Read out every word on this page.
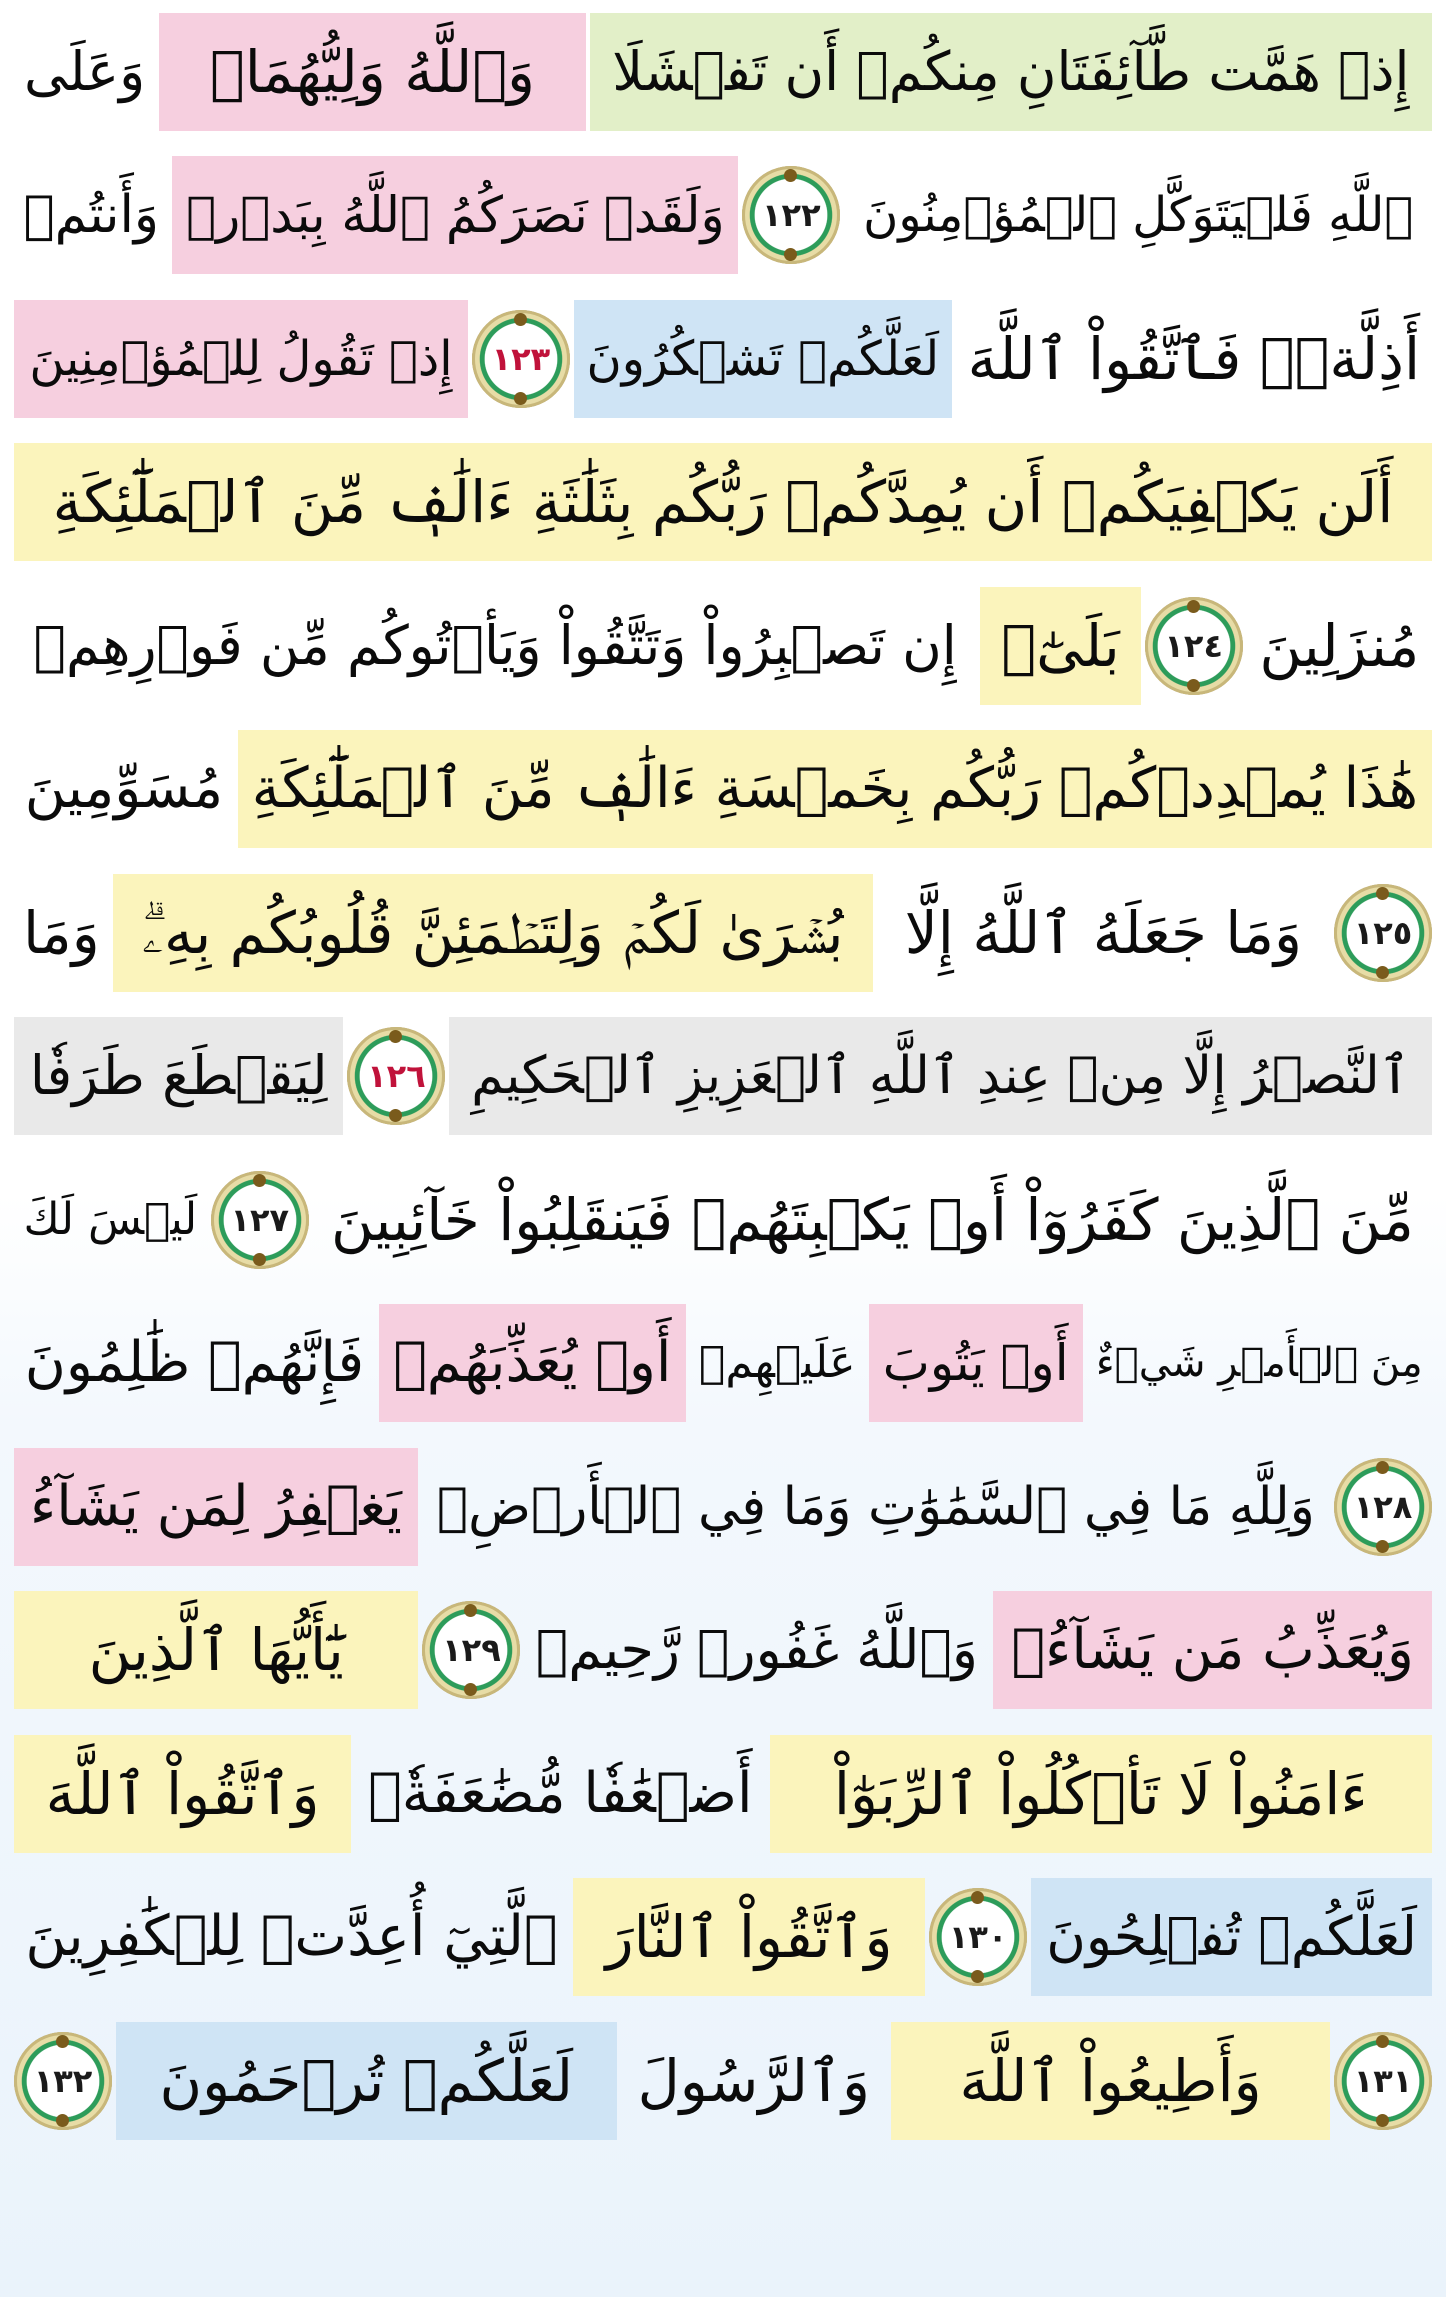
إِذۡ هَمَّت طَّآئِفَتَانِ مِنكُمۡ أَن تَفۡشَلَا
وَٱللَّهُ وَلِيُّهُمَاۗ
وَعَلَى
ٱللَّهِ فَلۡيَتَوَكَّلِ ٱلۡمُؤۡمِنُونَ
١٢٢
وَلَقَدۡ نَصَرَكُمُ ٱللَّهُ بِبَدۡرٖ
وَأَنتُمۡ
أَذِلَّةٞۖ فَٱتَّقُواْ ٱللَّهَ
لَعَلَّكُمۡ تَشۡكُرُونَ
١٢٣
إِذۡ تَقُولُ لِلۡمُؤۡمِنِينَ
أَلَن يَكۡفِيَكُمۡ أَن يُمِدَّكُمۡ رَبُّكُم بِثَلَٰثَةِ ءَالَٰفٖ مِّنَ ٱلۡمَلَٰٓئِكَةِ
مُنزَلِينَ
١٢٤
بَلَىٰٓۚ
إِن تَصۡبِرُواْ وَتَتَّقُواْ وَيَأۡتُوكُم مِّن فَوۡرِهِمۡ
هَٰذَا يُمۡدِدۡكُمۡ رَبُّكُم بِخَمۡسَةِ ءَالَٰفٖ مِّنَ ٱلۡمَلَٰٓئِكَةِ
مُسَوِّمِينَ
١٢٥
وَمَا جَعَلَهُ ٱللَّهُ إِلَّا
بُشۡرَىٰ لَكُمۡ وَلِتَطۡمَئِنَّ قُلُوبُكُم بِهِۦۗ
وَمَا
ٱلنَّصۡرُ إِلَّا مِنۡ عِندِ ٱللَّهِ ٱلۡعَزِيزِ ٱلۡحَكِيمِ
١٢٦
لِيَقۡطَعَ طَرَفٗا
مِّنَ ٱلَّذِينَ كَفَرُوٓاْ أَوۡ يَكۡبِتَهُمۡ فَيَنقَلِبُواْ خَآئِبِينَ
١٢٧
لَيۡسَ لَكَ
مِنَ ٱلۡأَمۡرِ شَيۡءٌ
أَوۡ يَتُوبَ
عَلَيۡهِمۡ
أَوۡ يُعَذِّبَهُمۡ
فَإِنَّهُمۡ ظَٰلِمُونَ
١٢٨
وَلِلَّهِ مَا فِي ٱلسَّمَٰوَٰتِ وَمَا فِي ٱلۡأَرۡضِۚ
يَغۡفِرُ لِمَن يَشَآءُ
وَيُعَذِّبُ مَن يَشَآءُۚ
وَٱللَّهُ غَفُورٞ رَّحِيمٞ
١٢٩
يَٰٓأَيُّهَا ٱلَّذِينَ
ءَامَنُواْ لَا تَأۡكُلُواْ ٱلرِّبَوٰٓاْ
أَضۡعَٰفٗا مُّضَٰعَفَةٗۖ
وَٱتَّقُواْ ٱللَّهَ
لَعَلَّكُمۡ تُفۡلِحُونَ
١٣٠
وَٱتَّقُواْ ٱلنَّارَ
ٱلَّتِيٓ أُعِدَّتۡ لِلۡكَٰفِرِينَ
١٣١
وَأَطِيعُواْ ٱللَّهَ
وَٱلرَّسُولَ
لَعَلَّكُمۡ تُرۡحَمُونَ
١٣٢
